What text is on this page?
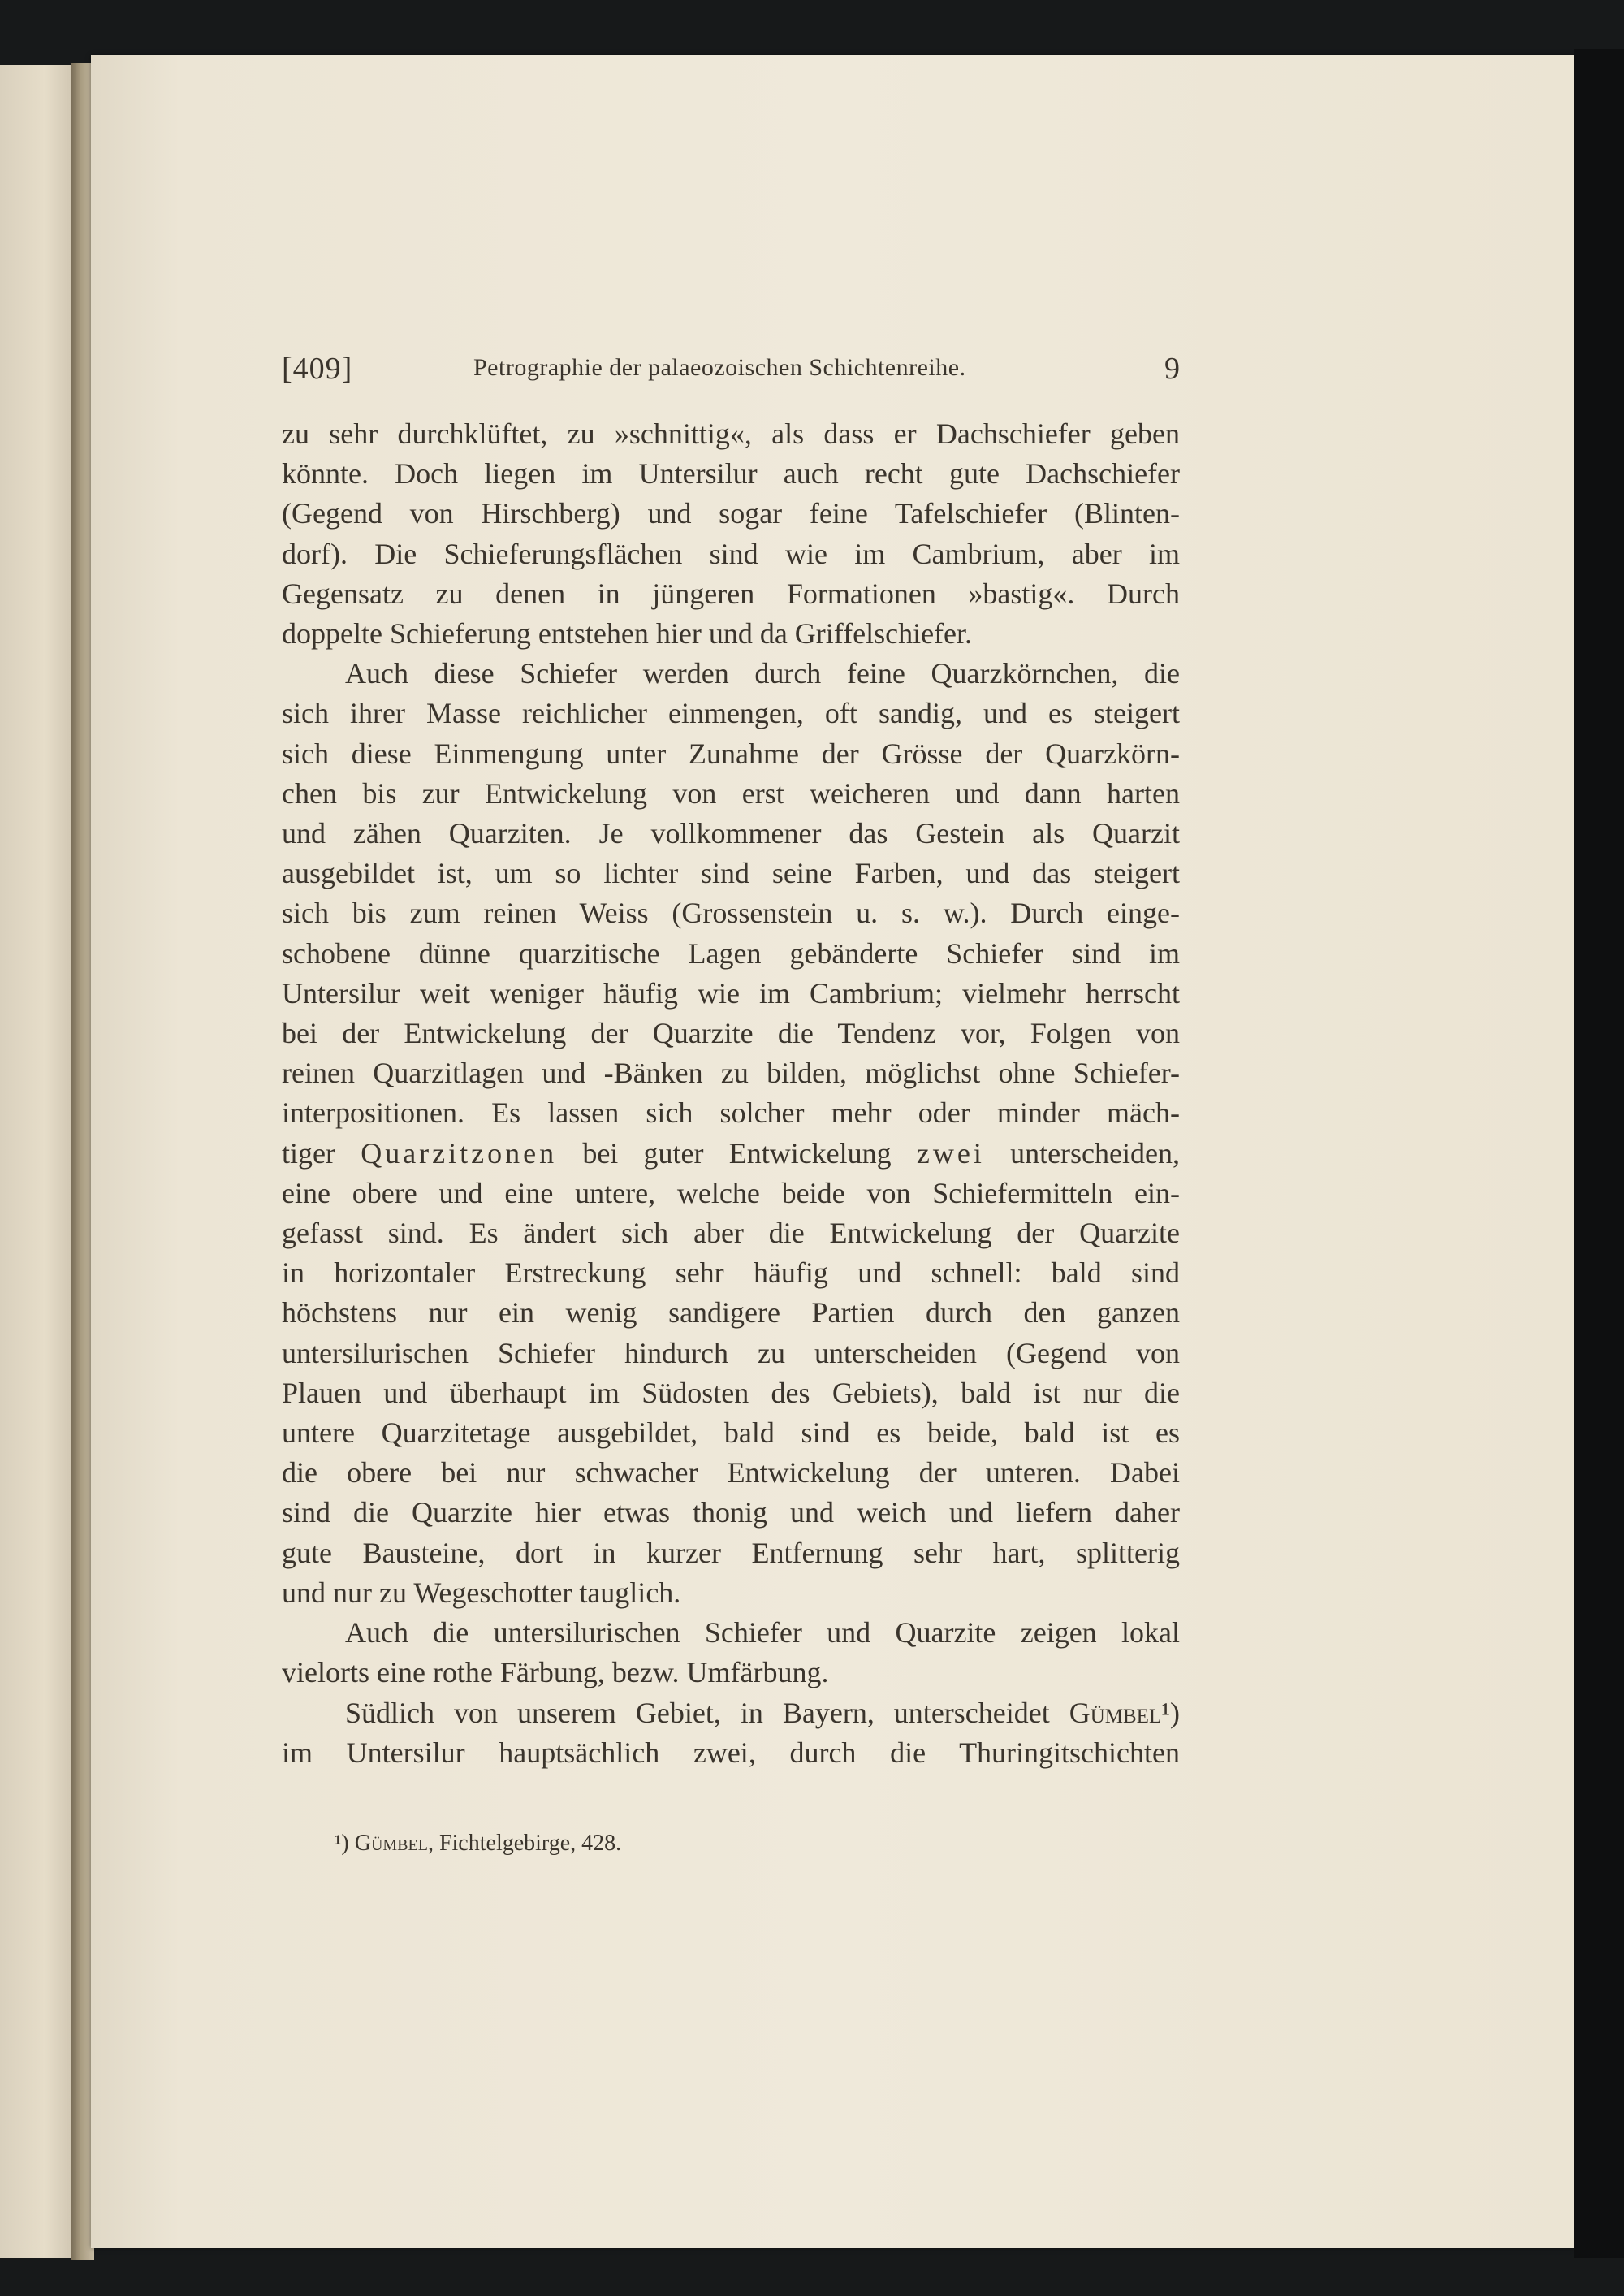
[409]	Petrographie der palaeozoischen Schichtenreihe.	9

zu sehr durchklüftet, zu »schnittig«, als dass er Dachschiefer geben

könnte. Doch liegen im Untersilur auch recht gute Dachschiefer

(Gegend von Hirschberg) und sogar feine Tafelschiefer (Blinten-

dorf). Die Schieferungsflächen sind wie im Cambrium, aber im

Gegensatz zu denen in jüngeren Formationen »bastig«. Durch

doppelte Schieferung entstehen hier und da Griffelschiefer.

Auch diese Schiefer werden durch feine Quarzkörnchen, die

sich ihrer Masse reichlicher einmengen, oft sandig, und es steigert

sich diese Einmengung unter Zunahme der Grösse der Quarzkörn-

chen bis zur Entwickelung von erst weicheren und dann harten

und zähen Quarziten. Je vollkommener das Gestein als Quarzit

ausgebildet ist, um so lichter sind seine Farben, und das steigert

sich bis zum reinen Weiss (Grossenstein u. s. w.). Durch einge-

schobene dünne quarzitische Lagen gebänderte Schiefer sind im

Untersilur weit weniger häufig wie im Cambrium; vielmehr herrscht

bei der Entwickelung der Quarzite die Tendenz vor, Folgen von

reinen Quarzitlagen und -Bänken zu bilden, möglichst ohne Schiefer-

interpositionen. Es lassen sich solcher mehr oder minder mäch-

tiger Quarzitzonen bei guter Entwickelung zwei unterscheiden,

eine obere und eine untere, welche beide von Schiefermitteln ein-

gefasst sind. Es ändert sich aber die Entwickelung der Quarzite

in horizontaler Erstreckung sehr häufig und schnell: bald sind

höchstens nur ein wenig sandigere Partien durch den ganzen

untersilurischen Schiefer hindurch zu unterscheiden (Gegend von

Plauen und überhaupt im Südosten des Gebiets), bald ist nur die

untere Quarzitetage ausgebildet, bald sind es beide, bald ist es

die obere bei nur schwacher Entwickelung der unteren. Dabei

sind die Quarzite hier etwas thonig und weich und liefern daher

gute Bausteine, dort in kurzer Entfernung sehr hart, splitterig

und nur zu Wegeschotter tauglich.

Auch die untersilurischen Schiefer und Quarzite zeigen lokal

vielorts eine rothe Färbung, bezw. Umfärbung.

Südlich von unserem Gebiet, in Bayern, unterscheidet Gümbel¹)

im Untersilur hauptsächlich zwei, durch die Thuringitschichten

¹) Gümbel, Fichtelgebirge, 428.
